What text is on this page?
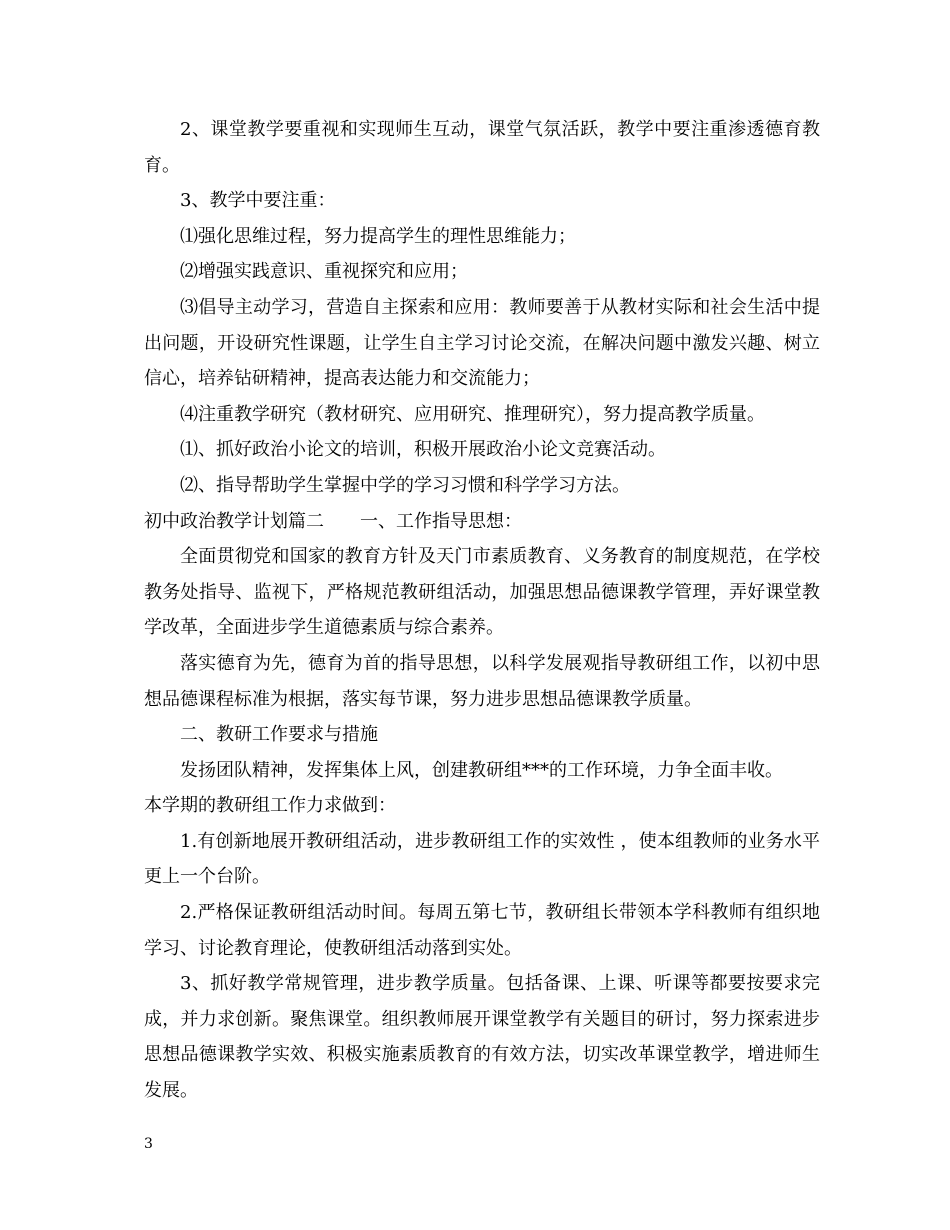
2、课堂教学要重视和实现师生互动，课堂气氛活跃，教学中要注重渗透德育教育。

3、教学中要注重：

⑴强化思维过程，努力提高学生的理性思维能力；

⑵增强实践意识、重视探究和应用；

⑶倡导主动学习，营造自主探索和应用：教师要善于从教材实际和社会生活中提出问题，开设研究性课题，让学生自主学习讨论交流，在解决问题中激发兴趣、树立信心，培养钻研精神，提高表达能力和交流能力；

⑷注重教学研究（教材研究、应用研究、推理研究），努力提高教学质量。

⑴、抓好政治小论文的培训，积极开展政治小论文竞赛活动。

⑵、指导帮助学生掌握中学的学习习惯和科学学习方法。

初中政治教学计划篇二　　一、工作指导思想：

全面贯彻党和国家的教育方针及天门市素质教育、义务教育的制度规范，在学校教务处指导、监视下，严格规范教研组活动，加强思想品德课教学管理，弄好课堂教学改革，全面进步学生道德素质与综合素养。

落实德育为先，德育为首的指导思想，以科学发展观指导教研组工作，以初中思想品德课程标准为根据，落实每节课，努力进步思想品德课教学质量。

二、教研工作要求与措施

发扬团队精神，发挥集体上风，创建教研组***的工作环境，力争全面丰收。

本学期的教研组工作力求做到：

1.有创新地展开教研组活动，进步教研组工作的实效性 ，使本组教师的业务水平更上一个台阶。

2.严格保证教研组活动时间。每周五第七节，教研组长带领本学科教师有组织地学习、讨论教育理论，使教研组活动落到实处。

3、抓好教学常规管理，进步教学质量。包括备课、上课、听课等都要按要求完成，并力求创新。聚焦课堂。组织教师展开课堂教学有关题目的研讨，努力探索进步思想品德课教学实效、积极实施素质教育的有效方法，切实改革课堂教学，增进师生发展。

3
